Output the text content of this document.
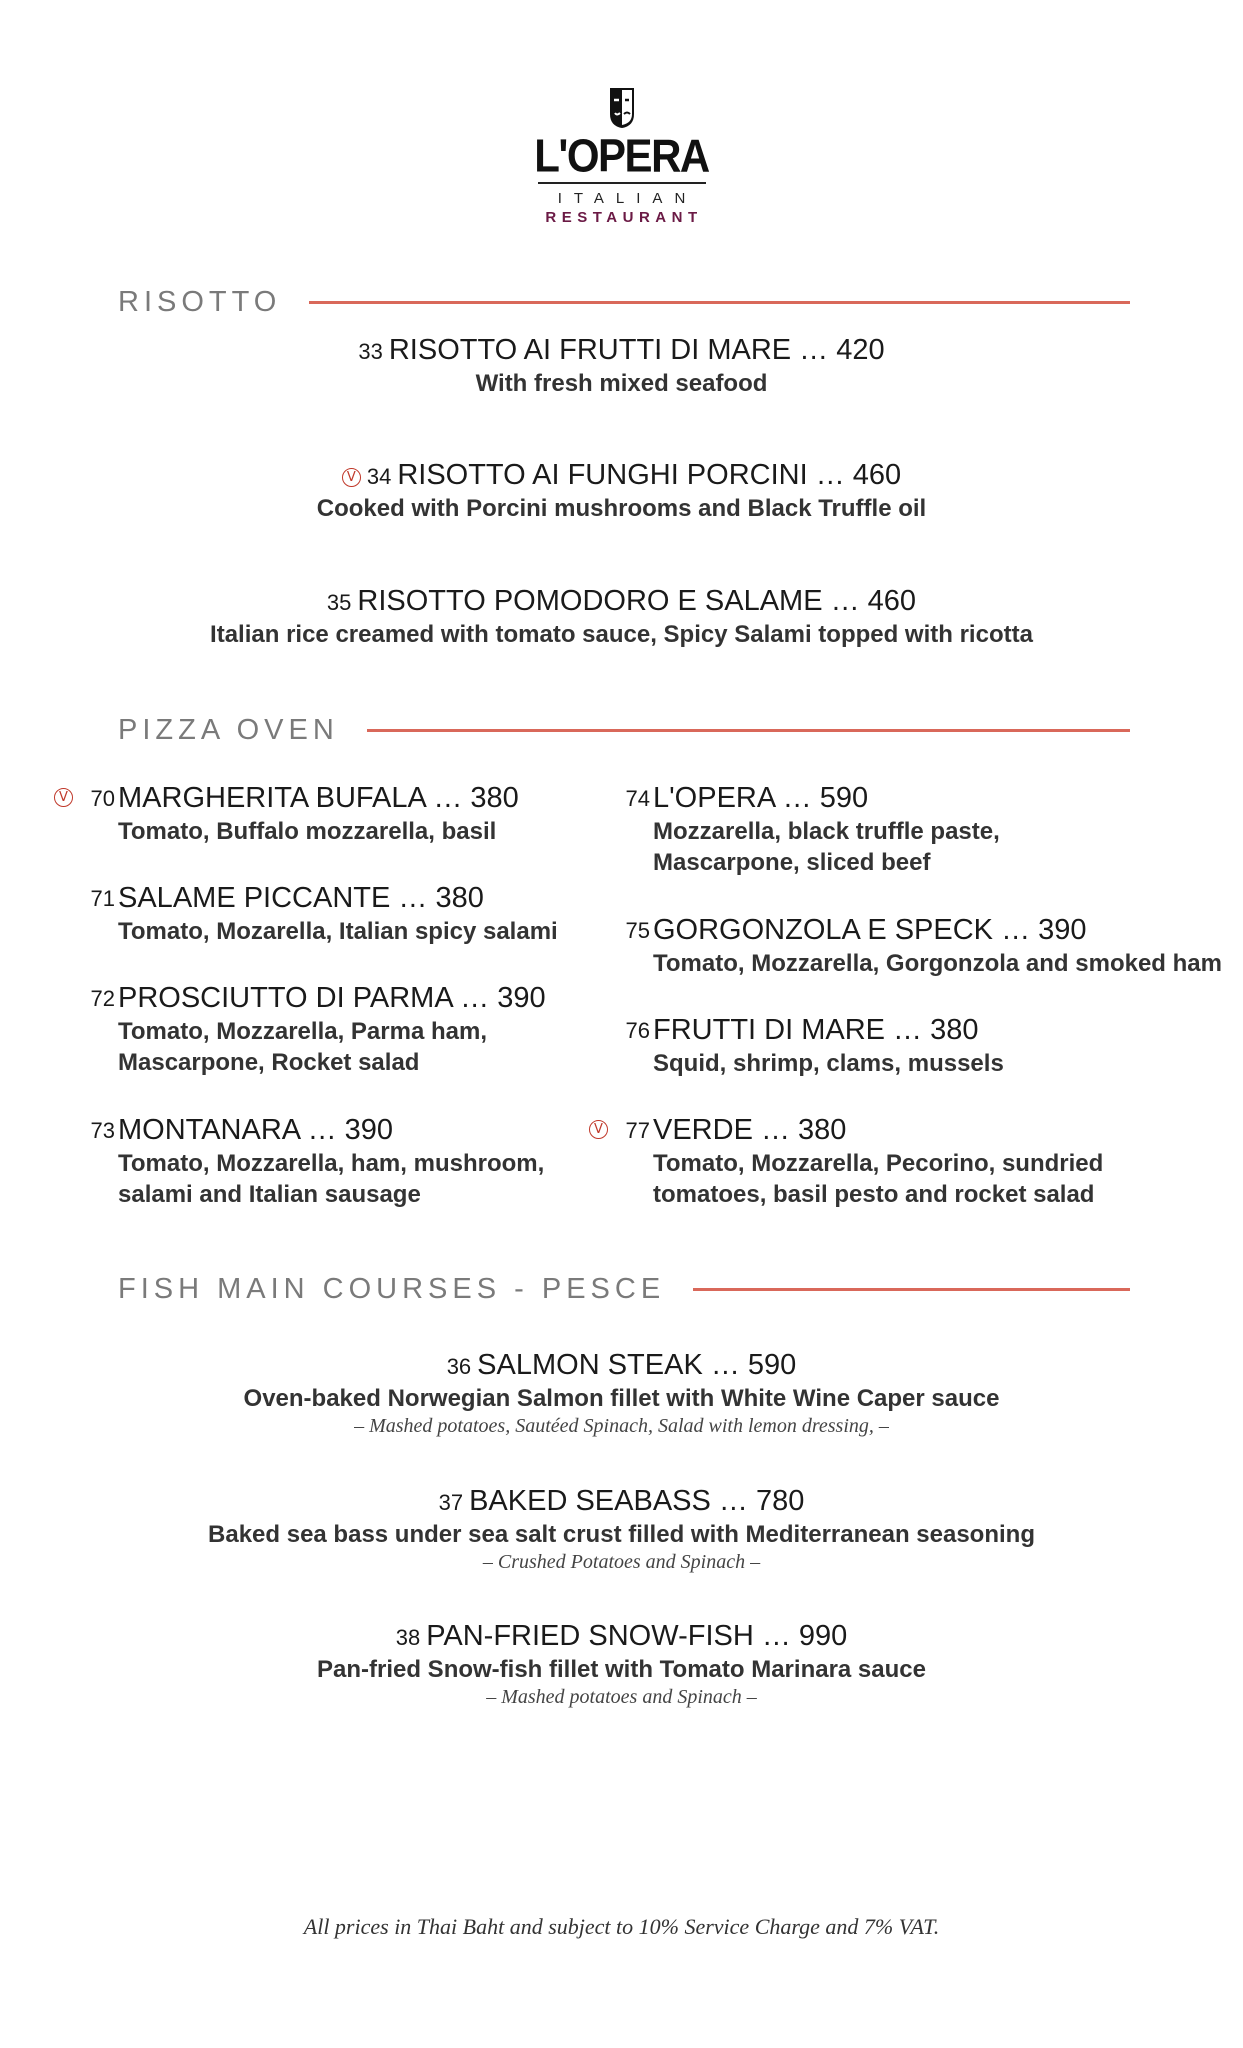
L'OPERA
ITALIAN
RESTAURANT
RISOTTO
33 RISOTTO AI FRUTTI DI MARE … 420
With fresh mixed seafood
V 34 RISOTTO AI FUNGHI PORCINI … 460
Cooked with Porcini mushrooms and Black Truffle oil
35 RISOTTO POMODORO E SALAME … 460
Italian rice creamed with tomato sauce, Spicy Salami topped with ricotta
PIZZA OVEN
V	70 MARGHERITA BUFALA … 380
Tomato, Buffalo mozzarella, basil
71 SALAME PICCANTE … 380
Tomato, Mozarella, Italian spicy salami
72 PROSCIUTTO DI PARMA … 390
Tomato, Mozzarella, Parma ham,
Mascarpone, Rocket salad
73 MONTANARA … 390
Tomato, Mozzarella, ham, mushroom,
salami and Italian sausage
74 L'OPERA … 590
Mozzarella, black truffle paste,
Mascarpone, sliced beef
75 GORGONZOLA E SPECK … 390
Tomato, Mozzarella, Gorgonzola and smoked ham
76 FRUTTI DI MARE … 380
Squid, shrimp, clams, mussels
V	77 VERDE … 380
Tomato, Mozzarella, Pecorino, sundried
tomatoes, basil pesto and rocket salad
FISH MAIN COURSES - PESCE
36 SALMON STEAK … 590
Oven-baked Norwegian Salmon fillet with White Wine Caper sauce
– Mashed potatoes, Sautéed Spinach, Salad with lemon dressing, –
37 BAKED SEABASS … 780
Baked sea bass under sea salt crust filled with Mediterranean seasoning
– Crushed Potatoes and Spinach –
38 PAN-FRIED SNOW-FISH … 990
Pan-fried Snow-fish fillet with Tomato Marinara sauce
– Mashed potatoes and Spinach –
All prices in Thai Baht and subject to 10% Service Charge and 7% VAT.
